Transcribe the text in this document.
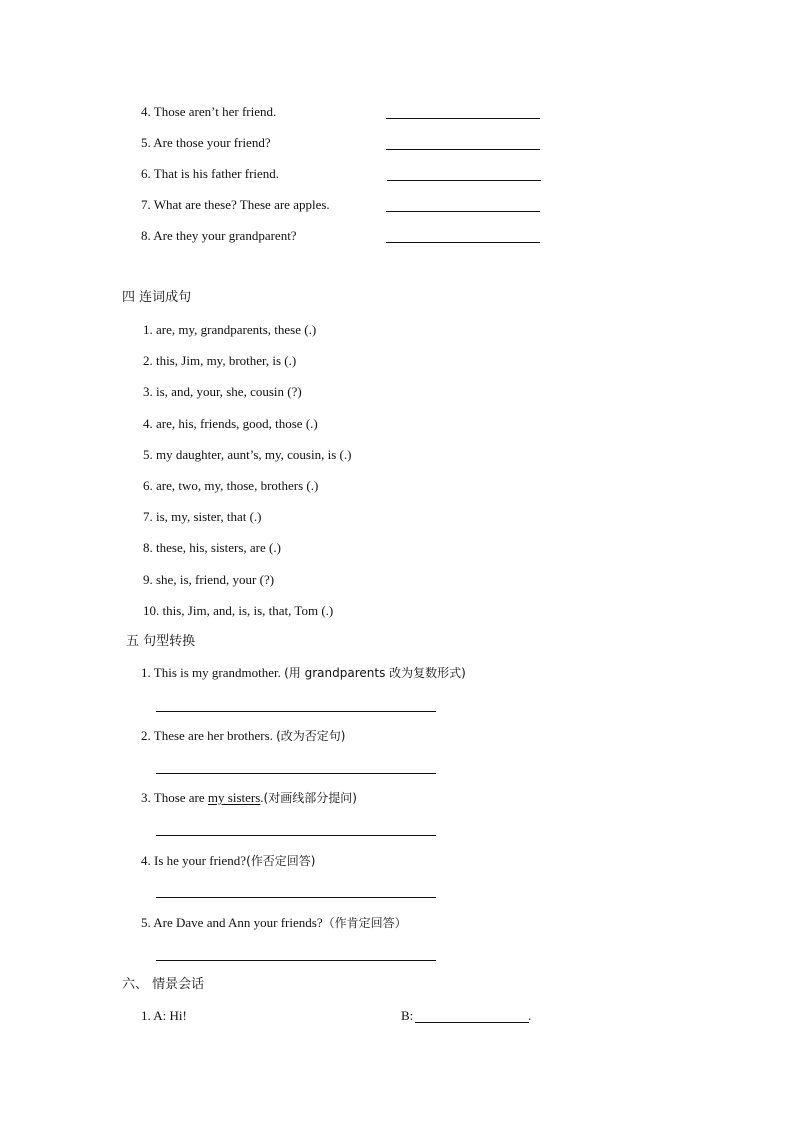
4. Those aren’t her friend.
5. Are those your friend?
6. That is his father friend.
7. What are these? These are apples.
8. Are they your grandparent?
四 连词成句
1. are, my, grandparents, these (.)
2. this, Jim, my, brother, is (.)
3. is, and, your, she, cousin (?)
4. are, his, friends, good, those (.)
5. my daughter, aunt’s, my, cousin, is (.)
6. are, two, my, those, brothers (.)
7. is, my, sister, that (.)
8. these, his, sisters, are (.)
9. she, is, friend, your (?)
10. this, Jim, and, is, is, that, Tom (.)
五 句型转换
1. This is my grandmother. (用 grandparents 改为复数形式)
2. These are her brothers. (改为否定句)
3. Those are my sisters.(对画线部分提问)
4. Is he your friend?(作否定回答)
5. Are Dave and Ann your friends?（作肯定回答）
六、 情景会话
1. A: Hi!	B:	.
